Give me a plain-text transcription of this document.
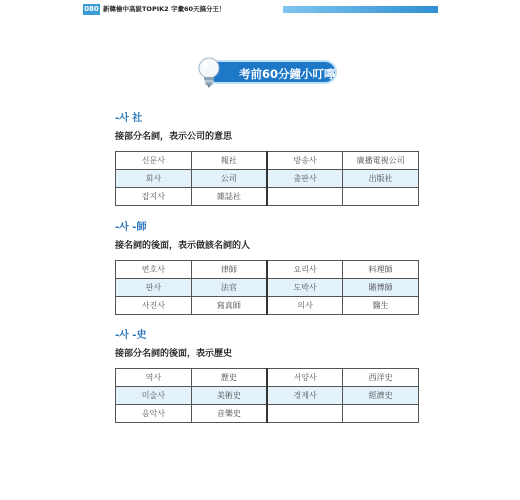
080 新韓檢中高級TOPIK2 字彙60天搞分王！
考前60分鐘小叮嚀
-사 社
接部分名詞，表示公司的意思
신문사	報社	방송사	廣播電視公司
회사	公司	출판사	出版社
잡지사	雜誌社		
-사 -師
接名詞的後面，表示做該名詞的人
변호사	律師	요리사	料理師
판사	法官	도박사	賭博師
사진사	寫真師	의사	醫生
-사 -史
接部分名詞的後面，表示歷史
역사	歷史	서양사	西洋史
미술사	美術史	경제사	經濟史
음악사	音樂史		
